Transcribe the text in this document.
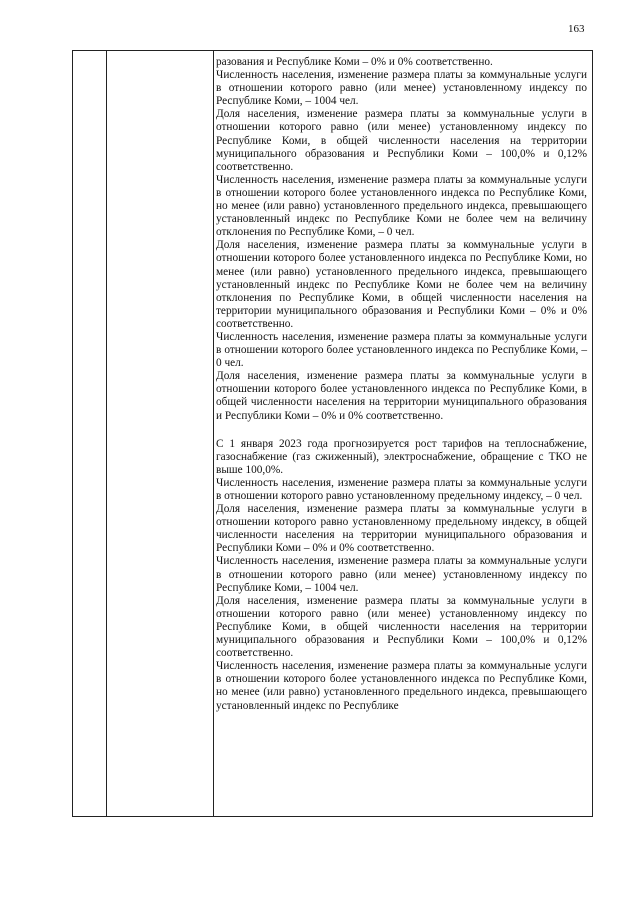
163

разования и Республике Коми – 0% и 0% соответственно.

Численность населения, изменение размера платы за коммунальные услуги в отношении которого равно (или менее) установленному индексу по Республике Коми, – 1004 чел.

Доля населения, изменение размера платы за коммунальные услуги в отношении которого равно (или менее) установленному индексу по Республике Коми, в общей численности населения на территории муниципального образования и Республики Коми – 100,0% и 0,12% соответственно.

Численность населения, изменение размера платы за коммунальные услуги в отношении которого более установленного индекса по Республике Коми, но менее (или равно) установленного предельного индекса, превышающего установленный индекс по Республике Коми не более чем на величину отклонения по Республике Коми, – 0 чел.

Доля населения, изменение размера платы за коммунальные услуги в отношении которого более установленного индекса по Республике Коми, но менее (или равно) установленного предельного индекса, превышающего установленный индекс по Республике Коми не более чем на величину отклонения по Республике Коми, в общей численности населения на территории муниципального образования и Республики Коми – 0% и 0% соответственно.

Численность населения, изменение размера платы за коммунальные услуги в отношении которого более установленного индекса по Республике Коми, – 0 чел.

Доля населения, изменение размера платы за коммунальные услуги в отношении которого более установленного индекса по Республике Коми, в общей численности населения на территории муниципального образования и Республики Коми – 0% и 0% соответственно.

С 1 января 2023 года прогнозируется рост тарифов на теплоснабжение, газоснабжение (газ сжиженный), электроснабжение, обращение с ТКО не выше 100,0%.

Численность населения, изменение размера платы за коммунальные услуги в отношении которого равно установленному предельному индексу, – 0 чел.

Доля населения, изменение размера платы за коммунальные услуги в отношении которого равно установленному предельному индексу, в общей численности населения на территории муниципального образования и Республики Коми – 0% и 0% соответственно.

Численность населения, изменение размера платы за коммунальные услуги в отношении которого равно (или менее) установленному индексу по Республике Коми, – 1004 чел.

Доля населения, изменение размера платы за коммунальные услуги в отношении которого равно (или менее) установленному индексу по Республике Коми, в общей численности населения на территории муниципального образования и Республики Коми – 100,0% и 0,12% соответственно.

Численность населения, изменение размера платы за коммунальные услуги в отношении которого более установленного индекса по Республике Коми, но менее (или равно) установленного предельного индекса, превышающего установленный индекс по Республике
